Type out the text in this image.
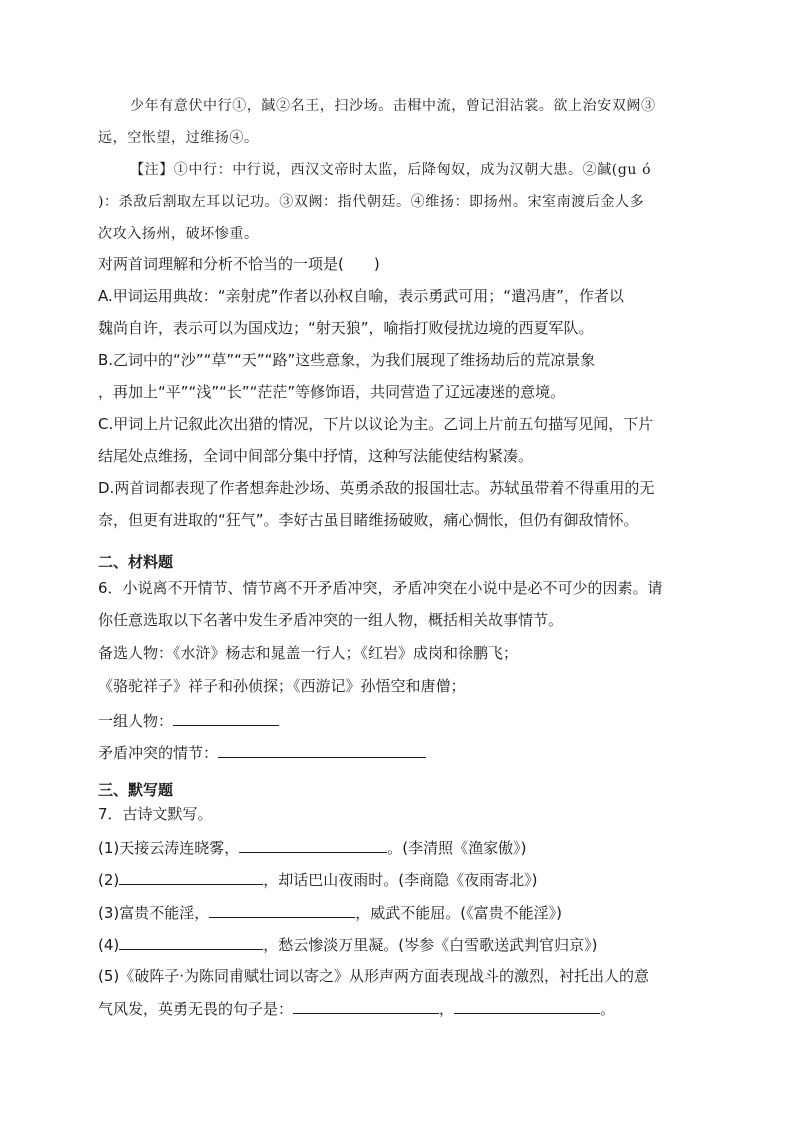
少年有意伏中行①，馘②名王，扫沙场。击楫中流，曾记泪沾裳。欲上治安双阙③
远，空怅望，过维扬④。
【注】①中行：中行说，西汉文帝时太监，后降匈奴，成为汉朝大患。②馘(gu ó
)：杀敌后割取左耳以记功。③双阙：指代朝廷。④维扬：即扬州。宋室南渡后金人多
次攻入扬州，破坏惨重。
对两首词理解和分析不恰当的一项是(　　)
A.甲词运用典故：“亲射虎”作者以孙权自喻，表示勇武可用；“遣冯唐”，作者以
魏尚自许，表示可以为国戍边；“射天狼”，喻指打败侵扰边境的西夏军队。
B.乙词中的“沙”“草”“天”“路”这些意象，为我们展现了维扬劫后的荒凉景象
，再加上“平”“浅”“长”“茫茫”等修饰语，共同营造了辽远凄迷的意境。
C.甲词上片记叙此次出猎的情况，下片以议论为主。乙词上片前五句描写见闻，下片
结尾处点维扬，全词中间部分集中抒情，这种写法能使结构紧凑。
D.两首词都表现了作者想奔赴沙场、英勇杀敌的报国壮志。苏轼虽带着不得重用的无
奈，但更有进取的“狂气”。李好古虽目睹维扬破败，痛心惆怅，但仍有御敌情怀。
二、材料题
6．小说离不开情节、情节离不开矛盾冲突，矛盾冲突在小说中是必不可少的因素。请
你任意选取以下名著中发生矛盾冲突的一组人物，概括相关故事情节。
备选人物：《水浒》杨志和晁盖一行人；《红岩》成岗和徐鹏飞；
《骆驼祥子》祥子和孙侦探；《西游记》孙悟空和唐僧；
一组人物：
矛盾冲突的情节：
三、默写题
7．古诗文默写。
(1)天接云涛连晓雾，	。(李清照《渔家傲》)
(2)	，却话巴山夜雨时。(李商隐《夜雨寄北》)
(3)富贵不能淫，	，威武不能屈。(《富贵不能淫》)
(4)	，愁云惨淡万里凝。(岑参《白雪歌送武判官归京》)
(5)《破阵子·为陈同甫赋壮词以寄之》从形声两方面表现战斗的激烈，衬托出人的意
气风发，英勇无畏的句子是：	，	。
